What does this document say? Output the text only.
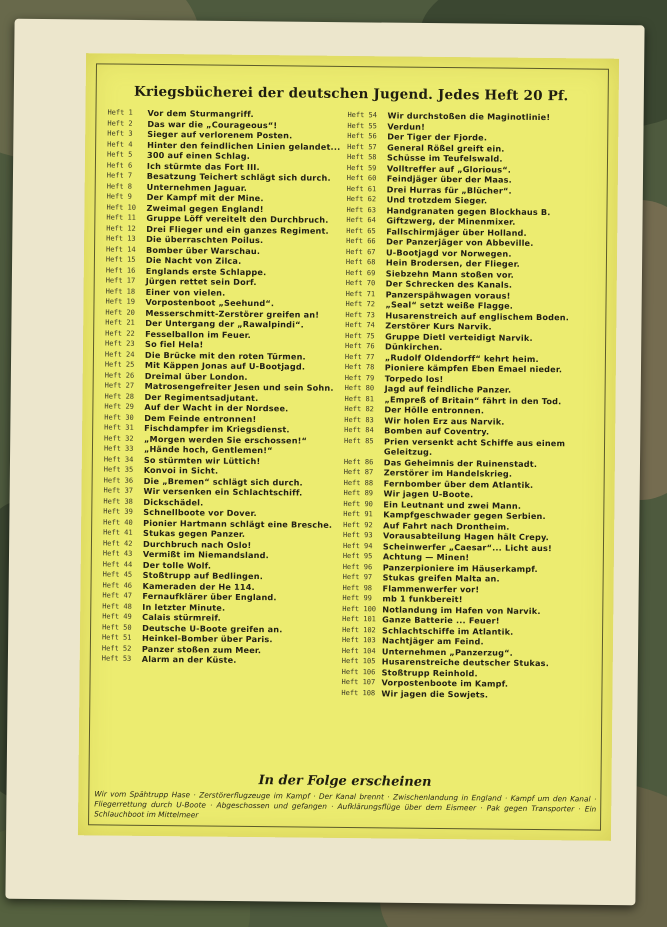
Kriegsbücherei der deutschen Jugend. Jedes Heft 20 Pf.
Heft 1	Vor dem Sturmangriff.
Heft 2	Das war die „Courageous“!
Heft 3	Sieger auf verlorenem Posten.
Heft 4	Hinter den feindlichen Linien gelandet...
Heft 5	300 auf einen Schlag.
Heft 6	Ich stürmte das Fort III.
Heft 7	Besatzung Teichert schlägt sich durch.
Heft 8	Unternehmen Jaguar.
Heft 9	Der Kampf mit der Mine.
Heft 10	Zweimal gegen England!
Heft 11	Gruppe Löff vereitelt den Durchbruch.
Heft 12	Drei Flieger und ein ganzes Regiment.
Heft 13	Die überraschten Poilus.
Heft 14	Bomber über Warschau.
Heft 15	Die Nacht von Zilca.
Heft 16	Englands erste Schlappe.
Heft 17	Jürgen rettet sein Dorf.
Heft 18	Einer von vielen.
Heft 19	Vorpostenboot „Seehund“.
Heft 20	Messerschmitt-Zerstörer greifen an!
Heft 21	Der Untergang der „Rawalpindi“.
Heft 22	Fesselballon im Feuer.
Heft 23	So fiel Hela!
Heft 24	Die Brücke mit den roten Türmen.
Heft 25	Mit Käppen Jonas auf U-Bootjagd.
Heft 26	Dreimal über London.
Heft 27	Matrosengefreiter Jesen und sein Sohn.
Heft 28	Der Regimentsadjutant.
Heft 29	Auf der Wacht in der Nordsee.
Heft 30	Dem Feinde entronnen!
Heft 31	Fischdampfer im Kriegsdienst.
Heft 32	„Morgen werden Sie erschossen!“
Heft 33	„Hände hoch, Gentlemen!“
Heft 34	So stürmten wir Lüttich!
Heft 35	Konvoi in Sicht.
Heft 36	Die „Bremen“ schlägt sich durch.
Heft 37	Wir versenken ein Schlachtschiff.
Heft 38	Dickschädel.
Heft 39	Schnellboote vor Dover.
Heft 40	Pionier Hartmann schlägt eine Bresche.
Heft 41	Stukas gegen Panzer.
Heft 42	Durchbruch nach Oslo!
Heft 43	Vermißt im Niemandsland.
Heft 44	Der tolle Wolf.
Heft 45	Stoßtrupp auf Bedlingen.
Heft 46	Kameraden der He 114.
Heft 47	Fernaufklärer über England.
Heft 48	In letzter Minute.
Heft 49	Calais stürmreif.
Heft 50	Deutsche U-Boote greifen an.
Heft 51	Heinkel-Bomber über Paris.
Heft 52	Panzer stoßen zum Meer.
Heft 53	Alarm an der Küste.
Heft 54	Wir durchstoßen die Maginotlinie!
Heft 55	Verdun!
Heft 56	Der Tiger der Fjorde.
Heft 57	General Rößel greift ein.
Heft 58	Schüsse im Teufelswald.
Heft 59	Volltreffer auf „Glorious“.
Heft 60	Feindjäger über der Maas.
Heft 61	Drei Hurras für „Blücher“.
Heft 62	Und trotzdem Sieger.
Heft 63	Handgranaten gegen Blockhaus B.
Heft 64	Giftzwerg, der Minenmixer.
Heft 65	Fallschirmjäger über Holland.
Heft 66	Der Panzerjäger von Abbeville.
Heft 67	U-Bootjagd vor Norwegen.
Heft 68	Hein Brodersen, der Flieger.
Heft 69	Siebzehn Mann stoßen vor.
Heft 70	Der Schrecken des Kanals.
Heft 71	Panzerspähwagen voraus!
Heft 72	„Seal“ setzt weiße Flagge.
Heft 73	Husarenstreich auf englischem Boden.
Heft 74	Zerstörer Kurs Narvik.
Heft 75	Gruppe Dietl verteidigt Narvik.
Heft 76	Dünkirchen.
Heft 77	„Rudolf Oldendorff“ kehrt heim.
Heft 78	Pioniere kämpfen Eben Emael nieder.
Heft 79	Torpedo los!
Heft 80	Jagd auf feindliche Panzer.
Heft 81	„Empreß of Britain“ fährt in den Tod.
Heft 82	Der Hölle entronnen.
Heft 83	Wir holen Erz aus Narvik.
Heft 84	Bomben auf Coventry.
Heft 85	Prien versenkt acht Schiffe aus einem Geleitzug.
Heft 86	Das Geheimnis der Ruinenstadt.
Heft 87	Zerstörer im Handelskrieg.
Heft 88	Fernbomber über dem Atlantik.
Heft 89	Wir jagen U-Boote.
Heft 90	Ein Leutnant und zwei Mann.
Heft 91	Kampfgeschwader gegen Serbien.
Heft 92	Auf Fahrt nach Drontheim.
Heft 93	Vorausabteilung Hagen hält Crepy.
Heft 94	Scheinwerfer „Caesar“... Licht aus!
Heft 95	Achtung — Minen!
Heft 96	Panzerpioniere im Häuserkampf.
Heft 97	Stukas greifen Malta an.
Heft 98	Flammenwerfer vor!
Heft 99	mb 1 funkbereit!
Heft 100 Notlandung im Hafen von Narvik.
Heft 101 Ganze Batterie ... Feuer!
Heft 102 Schlachtschiffe im Atlantik.
Heft 103 Nachtjäger am Feind.
Heft 104 Unternehmen „Panzerzug“.
Heft 105 Husarenstreiche deutscher Stukas.
Heft 106 Stoßtrupp Reinhold.
Heft 107 Vorpostenboote im Kampf.
Heft 108 Wir jagen die Sowjets.
In der Folge erscheinen
Wir vom Spähtrupp Hase · Zerstörerflugzeuge im Kampf · Der Kanal brennt · Zwischenlandung in England · Kampf um den Kanal · Fliegerrettung durch U-Boote · Abgeschossen und gefangen · Aufklärungsflüge über dem Eismeer · Pak gegen Transporter · Ein Schlauchboot im Mittelmeer
